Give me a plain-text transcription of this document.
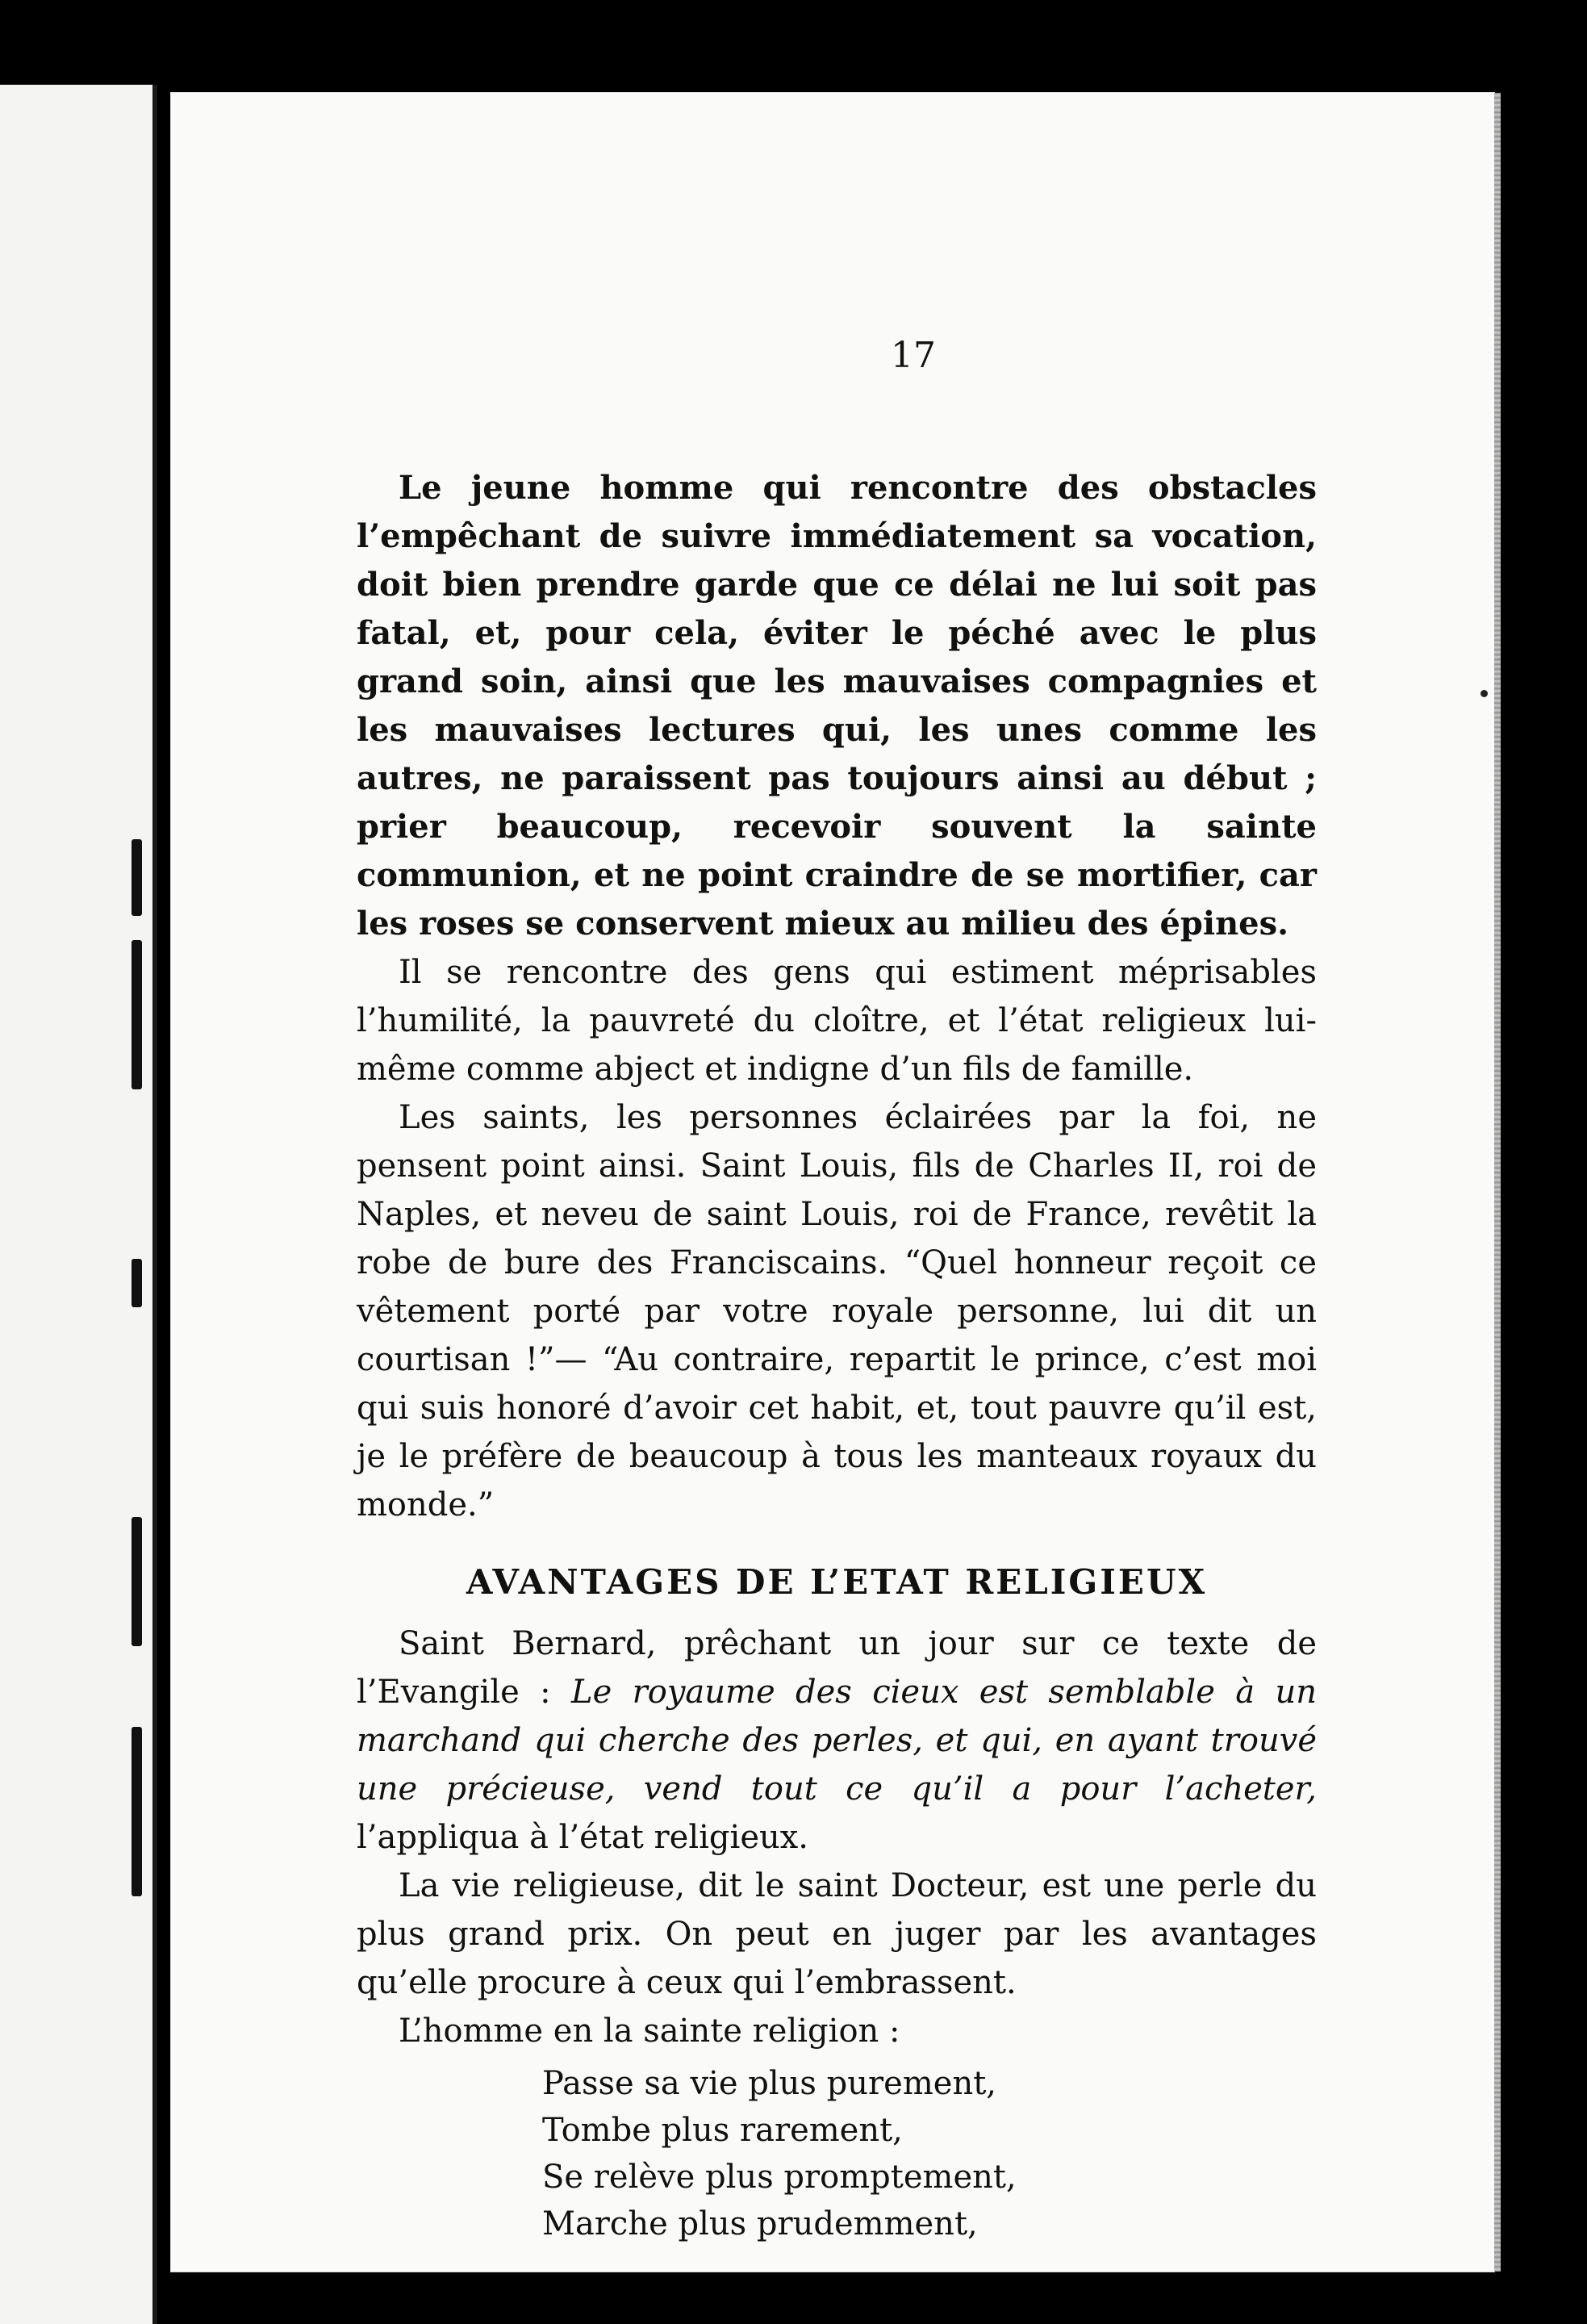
17

Le jeune homme qui rencontre des obstacles l’empêchant de suivre immédiatement sa vocation, doit bien prendre garde que ce délai ne lui soit pas fatal, et, pour cela, éviter le péché avec le plus grand soin, ainsi que les mauvaises compagnies et les mauvaises lectures qui, les unes comme les autres, ne paraissent pas toujours ainsi au début ; prier beaucoup, recevoir souvent la sainte communion, et ne point craindre de se mortifier, car les roses se conservent mieux au milieu des épines.

Il se rencontre des gens qui estiment méprisables l’humilité, la pauvreté du cloître, et l’état religieux lui-même comme abject et indigne d’un fils de famille.

Les saints, les personnes éclairées par la foi, ne pensent point ainsi. Saint Louis, fils de Charles II, roi de Naples, et neveu de saint Louis, roi de France, revêtit la robe de bure des Franciscains. “Quel honneur reçoit ce vêtement porté par votre royale personne, lui dit un courtisan !”— “Au contraire, repartit le prince, c’est moi qui suis honoré d’avoir cet habit, et, tout pauvre qu’il est, je le préfère de beaucoup à tous les manteaux royaux du monde.”

AVANTAGES DE L’ETAT RELIGIEUX

Saint Bernard, prêchant un jour sur ce texte de l’Evangile : Le royaume des cieux est semblable à un marchand qui cherche des perles, et qui, en ayant trouvé une précieuse, vend tout ce qu’il a pour l’acheter, l’appliqua à l’état religieux.

La vie religieuse, dit le saint Docteur, est une perle du plus grand prix. On peut en juger par les avantages qu’elle procure à ceux qui l’embrassent.

L’homme en la sainte religion :

Passe sa vie plus purement,
Tombe plus rarement,
Se relève plus promptement,
Marche plus prudemment,
